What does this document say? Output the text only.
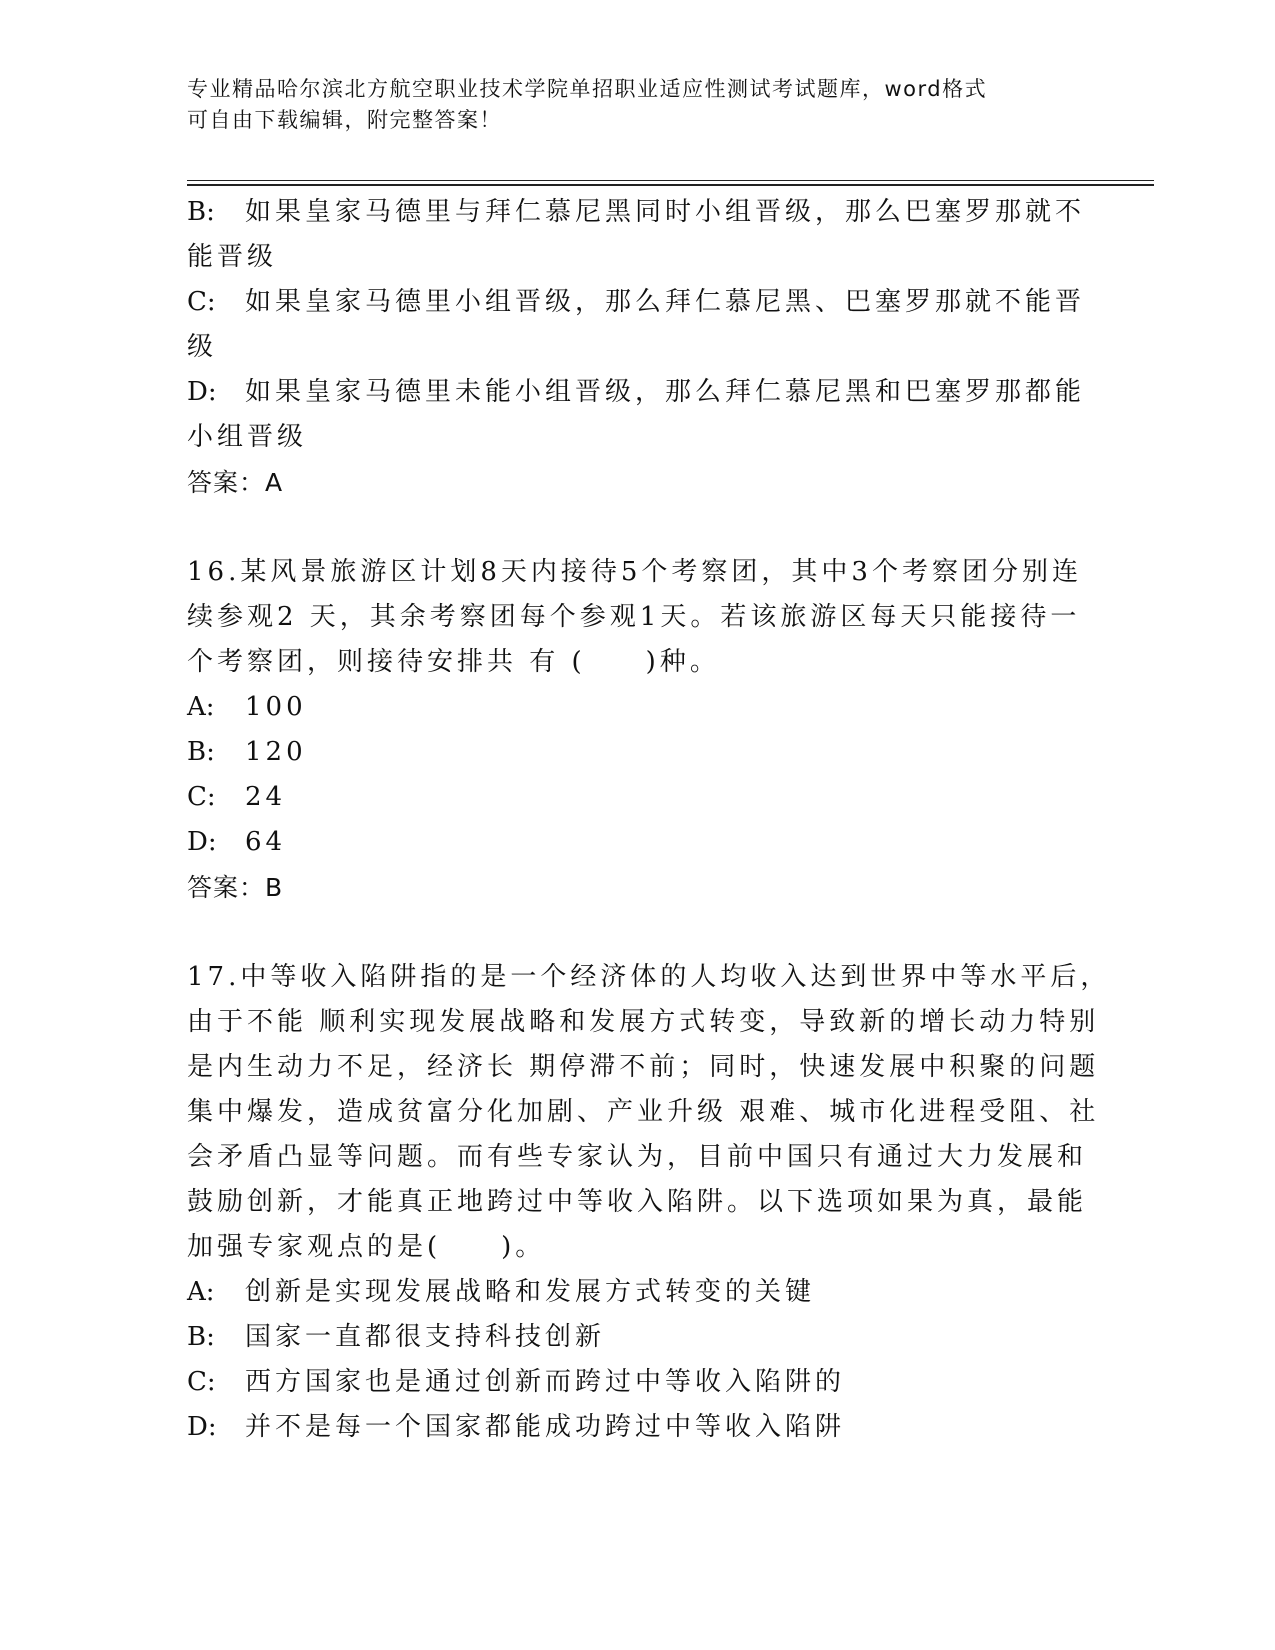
专业精品哈尔滨北方航空职业技术学院单招职业适应性测试考试题库，word格式
可自由下载编辑，附完整答案！
B: 如果皇家马德里与拜仁慕尼黑同时小组晋级，那么巴塞罗那就不
能晋级
C: 如果皇家马德里小组晋级，那么拜仁慕尼黑、巴塞罗那就不能晋
级
D: 如果皇家马德里未能小组晋级，那么拜仁慕尼黑和巴塞罗那都能
小组晋级
答案：A
16.某风景旅游区计划8天内接待5个考察团，其中3个考察团分别连
续参观2 天，其余考察团每个参观1天。若该旅游区每天只能接待一
个考察团，则接待安排共 有 (　　)种。
A: 100
B: 120
C: 24
D: 64
答案：B
17.中等收入陷阱指的是一个经济体的人均收入达到世界中等水平后，
由于不能 顺利实现发展战略和发展方式转变，导致新的增长动力特别
是内生动力不足，经济长 期停滞不前；同时，快速发展中积聚的问题
集中爆发，造成贫富分化加剧、产业升级 艰难、城市化进程受阻、社
会矛盾凸显等问题。而有些专家认为，目前中国只有通过大力发展和
鼓励创新，才能真正地跨过中等收入陷阱。以下选项如果为真，最能
加强专家观点的是(　　)。
A: 创新是实现发展战略和发展方式转变的关键
B: 国家一直都很支持科技创新
C: 西方国家也是通过创新而跨过中等收入陷阱的
D: 并不是每一个国家都能成功跨过中等收入陷阱
